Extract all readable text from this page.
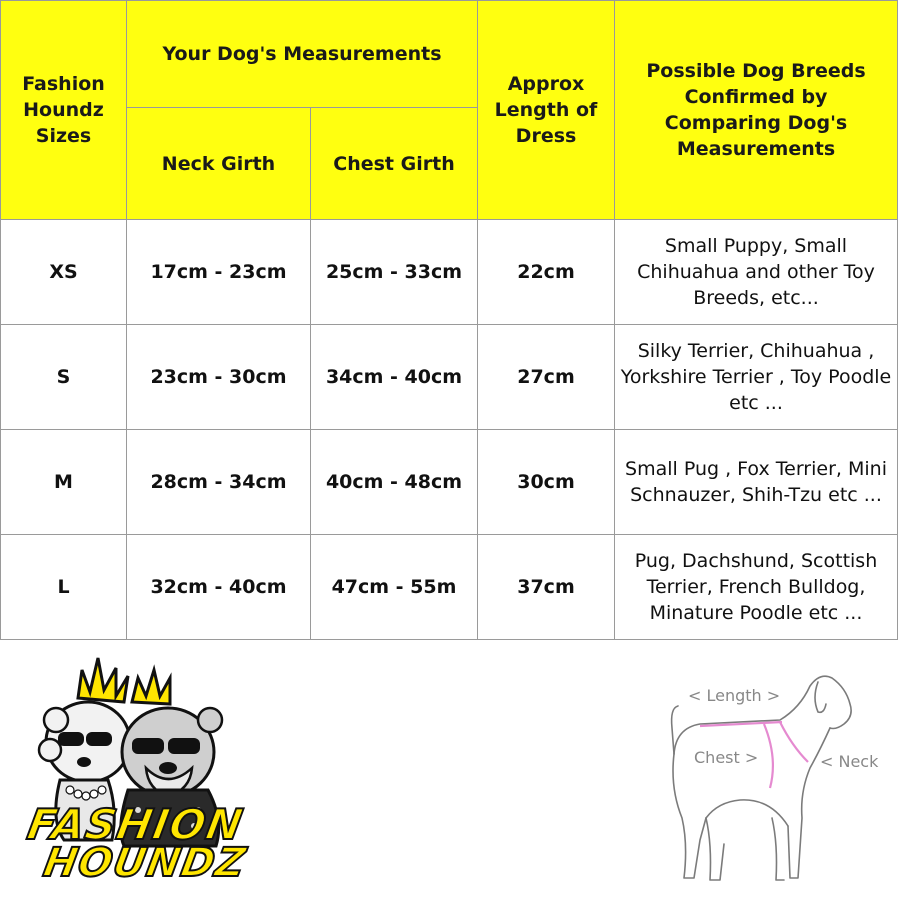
Fashion Houndz Sizes	Your Dog's Measurements		Approx Length of Dress	Possible Dog Breeds Confirmed by Comparing Dog's Measurements
	Neck Girth	Chest Girth		
XS	17cm - 23cm	25cm - 33cm	22cm	Small Puppy, Small Chihuahua and other Toy Breeds, etc...
S	23cm - 30cm	34cm - 40cm	27cm	Silky Terrier, Chihuahua , Yorkshire Terrier , Toy Poodle etc ...
M	28cm - 34cm	40cm - 48cm	30cm	Small Pug , Fox Terrier, Mini Schnauzer, Shih-Tzu etc ...
L	32cm - 40cm	47cm - 55m	37cm	Pug, Dachshund, Scottish Terrier, French Bulldog, Minature Poodle etc ...
FASHION
HOUNDZ
< Length >
Chest >	< Neck
